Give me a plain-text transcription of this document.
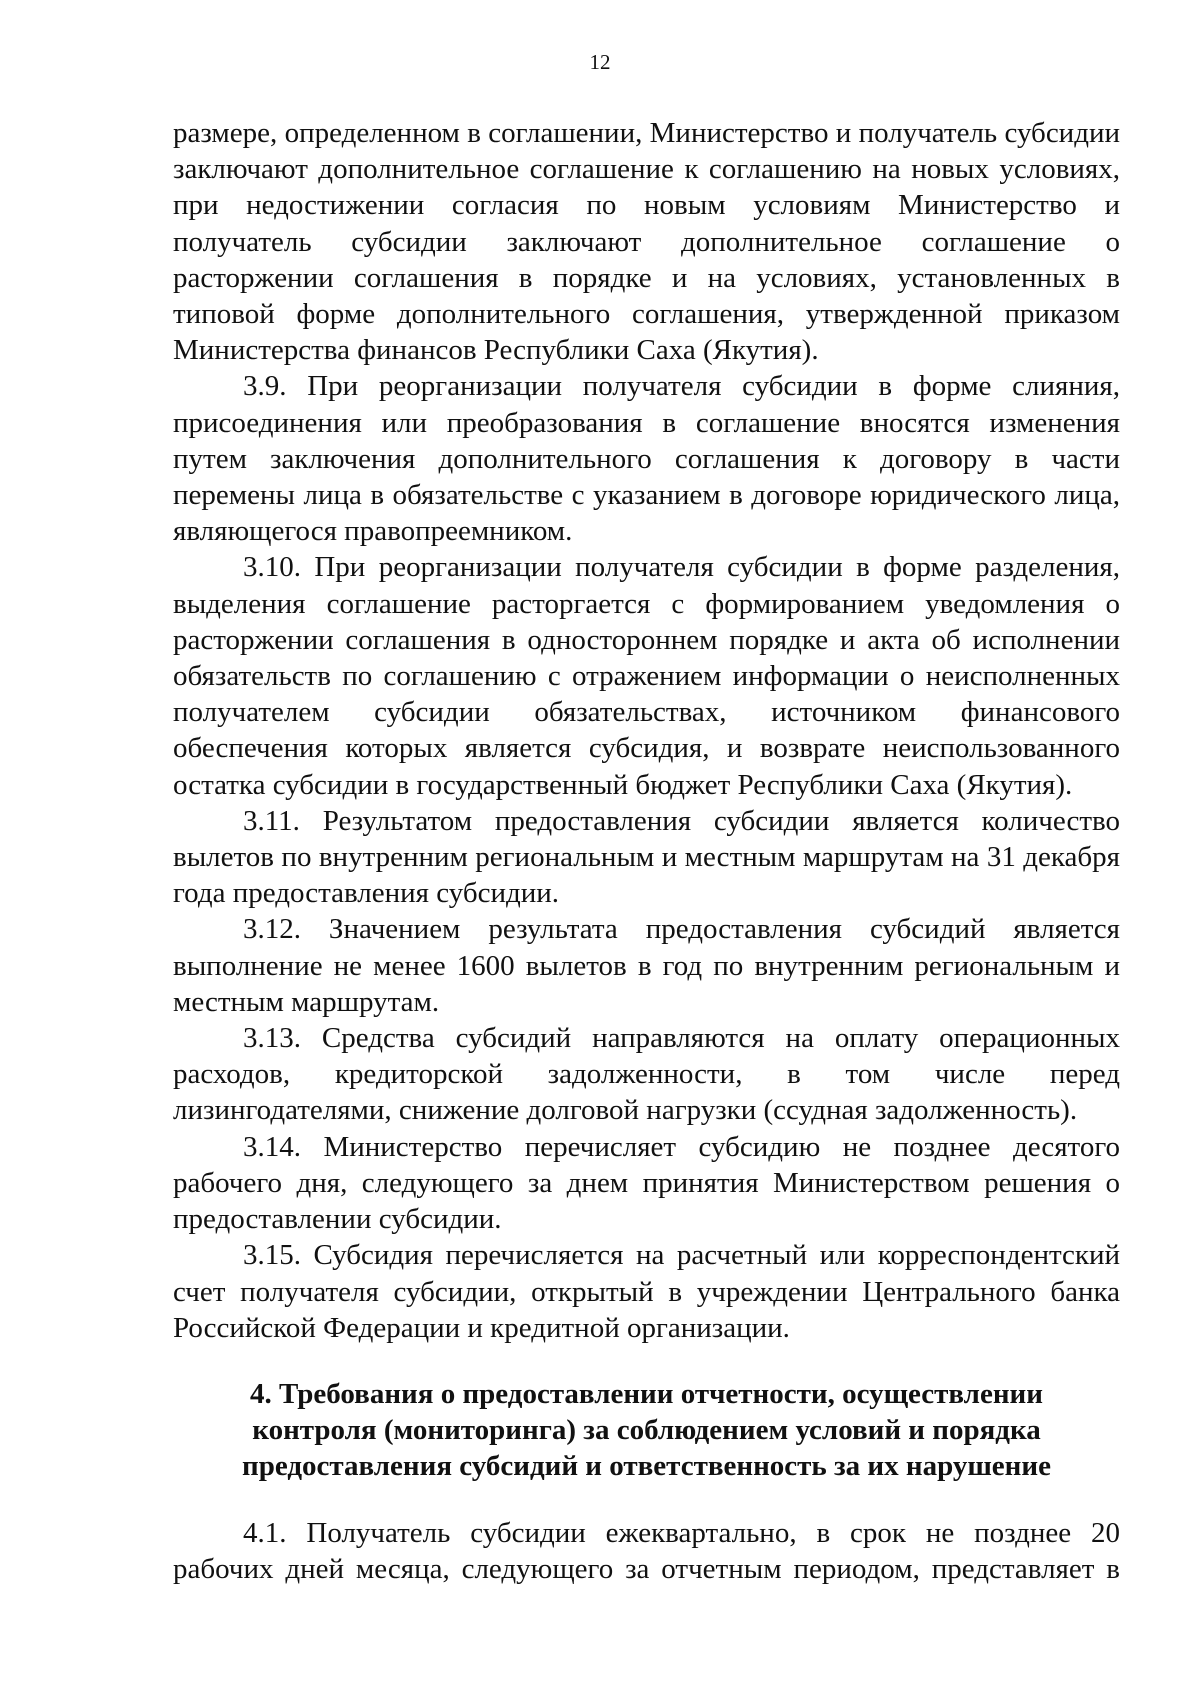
12

размере, определенном в соглашении, Министерство и получатель субсидии заключают дополнительное соглашение к соглашению на новых условиях, при недостижении согласия по новым условиям Министерство и получатель субсидии заключают дополнительное соглашение о расторжении соглашения в порядке и на условиях, установленных в типовой форме дополнительного соглашения, утвержденной приказом Министерства финансов Республики Саха (Якутия).

3.9. При реорганизации получателя субсидии в форме слияния, присоединения или преобразования в соглашение вносятся изменения путем заключения дополнительного соглашения к договору в части перемены лица в обязательстве с указанием в договоре юридического лица, являющегося правопреемником.

3.10. При реорганизации получателя субсидии в форме разделения, выделения соглашение расторгается с формированием уведомления о расторжении соглашения в одностороннем порядке и акта об исполнении обязательств по соглашению с отражением информации о неисполненных получателем субсидии обязательствах, источником финансового обеспечения которых является субсидия, и возврате неиспользованного остатка субсидии в государственный бюджет Республики Саха (Якутия).

3.11. Результатом предоставления субсидии является количество вылетов по внутренним региональным и местным маршрутам на 31 декабря года предоставления субсидии.

3.12. Значением результата предоставления субсидий является выполнение не менее 1600 вылетов в год по внутренним региональным и местным маршрутам.

3.13. Средства субсидий направляются на оплату операционных расходов, кредиторской задолженности, в том числе перед лизингодателями, снижение долговой нагрузки (ссудная задолженность).

3.14. Министерство перечисляет субсидию не позднее десятого рабочего дня, следующего за днем принятия Министерством решения о предоставлении субсидии.

3.15. Субсидия перечисляется на расчетный или корреспондентский счет получателя субсидии, открытый в учреждении Центрального банка Российской Федерации и кредитной организации.

4. Требования о предоставлении отчетности, осуществлении контроля (мониторинга) за соблюдением условий и порядка предоставления субсидий и ответственность за их нарушение

4.1. Получатель субсидии ежеквартально, в срок не позднее 20 рабочих дней месяца, следующего за отчетным периодом, представляет в
